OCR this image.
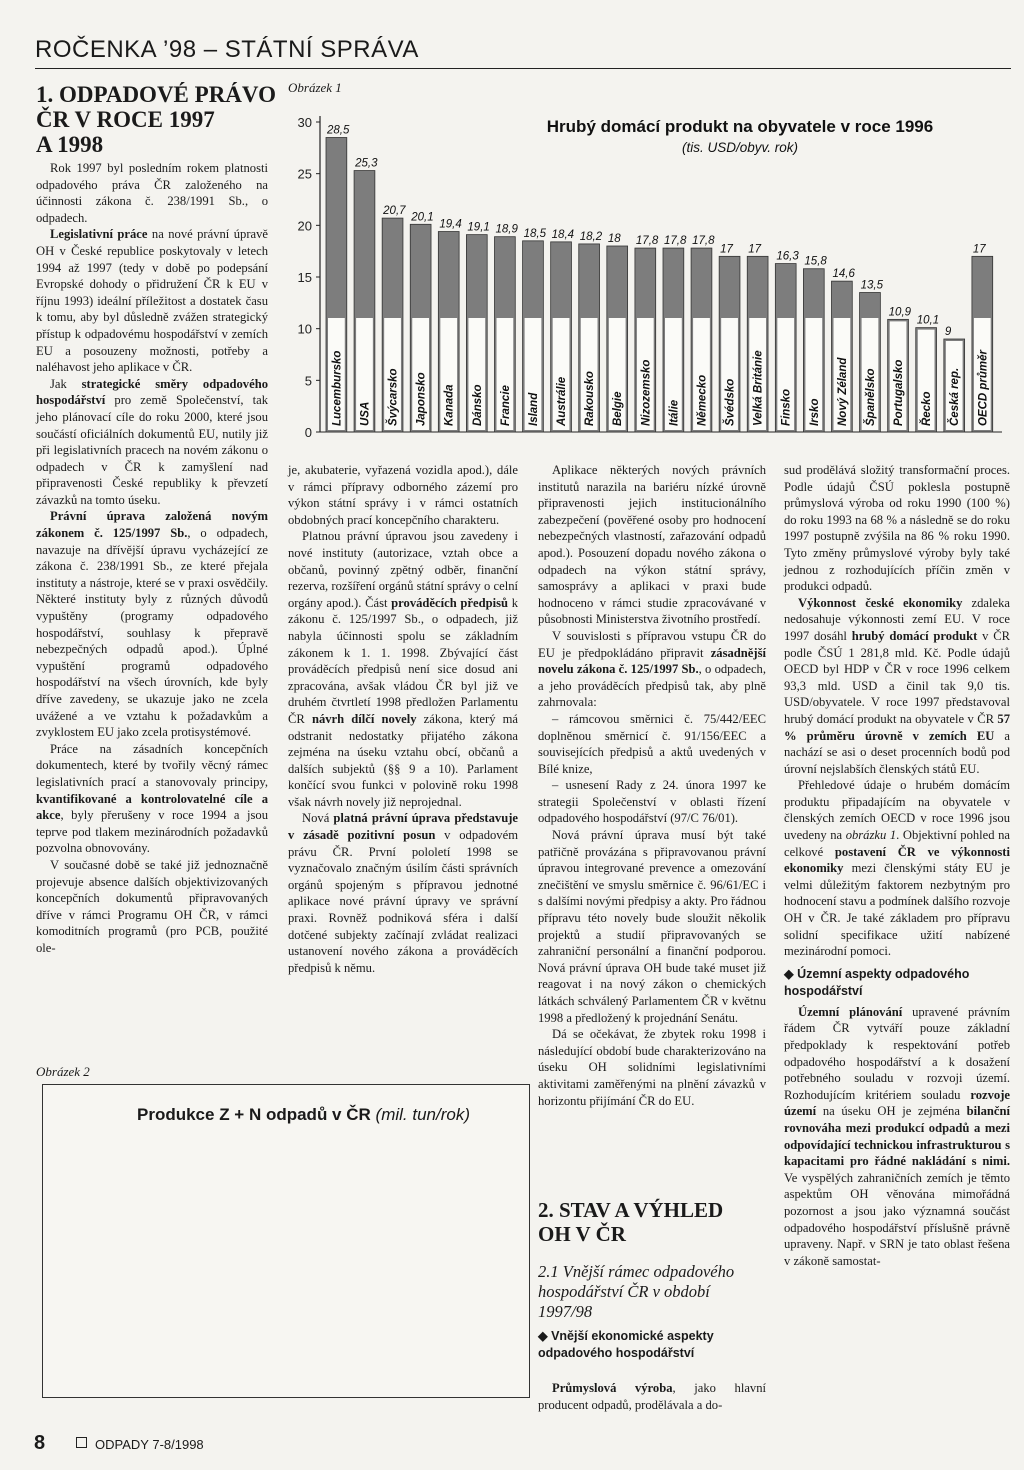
ROČENKA ’98 – STÁTNÍ SPRÁVA
1. ODPADOVÉ PRÁVO
ČR V ROCE 1997
A 1998

Rok 1997 byl posledním rokem platnosti odpadového práva ČR založeného na účinnosti zákona č. 238/1991 Sb., o odpadech.

Legislativní práce na nové právní úpravě OH v České republice poskytovaly v letech 1994 až 1997 (tedy v době po podepsání Evropské dohody o přidružení ČR k EU v říjnu 1993) ideální příležitost a dostatek času k tomu, aby byl důsledně zvážen strategický přístup k odpadovému hospodářství v zemích EU a posouzeny možnosti, potřeby a naléhavost jeho aplikace v ČR.

Jak strategické směry odpadového hospodářství pro země Společenství, tak jeho plánovací cíle do roku 2000, které jsou součástí oficiálních dokumentů EU, nutily již při legislativních pracech na novém zákonu o odpadech v ČR k zamyšlení nad připravenosti České republiky k převzetí závazků na tomto úseku.

Právní úprava založená novým zákonem č. 125/1997 Sb., o odpadech, navazuje na dřívější úpravu vycházející ze zákona č. 238/1991 Sb., ze které přejala instituty a nástroje, které se v praxi osvědčily. Některé instituty byly z různých důvodů vypuštěny (programy odpadového hospodářství, souhlasy k přepravě nebezpečných odpadů apod.). Úplné vypuštění programů odpadového hospodářství na všech úrovních, kde byly dříve zavedeny, se ukazuje jako ne zcela uvážené a ve vztahu k požadavkům a zvyklostem EU jako zcela protisystémové.

Práce na zásadních koncepčních dokumentech, které by tvořily věcný rámec legislativních prací a stanovovaly principy, kvantifikované a kontrolovatelné cíle a akce, byly přerušeny v roce 1994 a jsou teprve pod tlakem mezinárodních požadavků pozvolna obnovovány.

V současné době se také již jednoznačně projevuje absence dalších objektivizovaných koncepčních dokumentů připravovaných dříve v rámci Programu OH ČR, v rámci komoditních programů (pro PCB, použité ole-

Obrázek 1
0
5
10
15
20
25
30	Hrubý domácí produkt na obyvatele v roce 1996
(tis. USD/obyv. rok)
28,5
Lucembursko
25,3
USA
20,7
Švýcarsko
20,1
Japonsko
19,4
Kanada
19,1
Dánsko
18,9
Francie
18,5
Island
18,4
Austrálie
18,2
Rakousko
18
Belgie
17,8
Nizozemsko
17,8
Itálie
17,8
Německo
17
Švédsko
17
Velká Británie
16,3
Finsko
15,8
Irsko
14,6
Nový Zéland
13,5
Španělsko
10,9
Portugalsko
10,1
Řecko
9
Česká rep.
17
OECD průměr

je, akubaterie, vyřazená vozidla apod.), dále v rámci přípravy odborného zázemí pro výkon státní správy i v rámci ostatních obdobných prací koncepčního charakteru.

Platnou právní úpravou jsou zavedeny i nové instituty (autorizace, vztah obce a občanů, povinný zpětný odběr, finanční rezerva, rozšíření orgánů státní správy o celní orgány apod.). Část prováděcích předpisů k zákonu č. 125/1997 Sb., o odpadech, již nabyla účinnosti spolu se základním zákonem k 1. 1. 1998. Zbývající část prováděcích předpisů není sice dosud ani zpracována, avšak vládou ČR byl již ve druhém čtvrtletí 1998 předložen Parlamentu ČR návrh dílčí novely zákona, který má odstranit nedostatky přijatého zákona zejména na úseku vztahu obcí, občanů a dalších subjektů (§§ 9 a 10). Parlament končící svou funkci v polovině roku 1998 však návrh novely již neprojednal.

Nová platná právní úprava představuje v zásadě pozitivní posun v odpadovém právu ČR. První pololetí 1998 se vyznačovalo značným úsilím části správních orgánů spojeným s přípravou jednotné aplikace nové právní úpravy ve správní praxi. Rovněž podniková sféra i další dotčené subjekty začínají zvládat realizaci ustanovení nového zákona a prováděcích předpisů k němu.

Aplikace některých nových právních institutů narazila na bariéru nízké úrovně připravenosti jejich institucionálního zabezpečení (pověřené osoby pro hodnocení nebezpečných vlastností, zařazování odpadů apod.). Posouzení dopadu nového zákona o odpadech na výkon státní správy, samosprávy a aplikaci v praxi bude hodnoceno v rámci studie zpracovávané v působnosti Ministerstva životního prostředí.

V souvislosti s přípravou vstupu ČR do EU je předpokládáno připravit zásadnější novelu zákona č. 125/1997 Sb., o odpadech, a jeho prováděcích předpisů tak, aby plně zahrnovala:

– rámcovou směrnici č. 75/442/EEC doplněnou směrnicí č. 91/156/EEC a souvisejících předpisů a aktů uvedených v Bílé knize,

– usnesení Rady z 24. února 1997 ke strategii Společenství v oblasti řízení odpadového hospodářství (97/C 76/01).

Nová právní úprava musí být také patřičně provázána s připravovanou právní úpravou integrované prevence a omezování znečištění ve smyslu směrnice č. 96/61/EC i s dalšími novými předpisy a akty. Pro řádnou přípravu této novely bude sloužit několik projektů a studií připravovaných se zahraniční personální a finanční podporou. Nová právní úprava OH bude také muset již reagovat i na nový zákon o chemických látkách schválený Parlamentem ČR v květnu 1998 a předložený k projednání Senátu.

Dá se očekávat, že zbytek roku 1998 i následující období bude charakterizováno na úseku OH solidními legislativními aktivitami zaměřenými na plnění závazků v horizontu přijímání ČR do EU.

2. STAV A VÝHLED
OH V ČR
2.1 Vnější rámec odpadového
hospodářství ČR v období
1997/98
◆ Vnější ekonomické aspekty
odpadového hospodářství

Průmyslová výroba, jako hlavní producent odpadů, prodělávala a do-

sud prodělává složitý transformační proces. Podle údajů ČSÚ poklesla postupně průmyslová výroba od roku 1990 (100 %) do roku 1993 na 68 % a následně se do roku 1997 postupně zvýšila na 86 % roku 1990. Tyto změny průmyslové výroby byly také jednou z rozhodujících příčin změn v produkci odpadů.

Výkonnost české ekonomiky zdaleka nedosahuje výkonnosti zemí EU. V roce 1997 dosáhl hrubý domácí produkt v ČR podle ČSÚ 1 281,8 mld. Kč. Podle údajů OECD byl HDP v ČR v roce 1996 celkem 93,3 mld. USD a činil tak 9,0 tis. USD/obyvatele. V roce 1997 představoval hrubý domácí produkt na obyvatele v ČR 57 % průměru úrovně v zemích EU a nachází se asi o deset procenních bodů pod úrovní nejslabších členských států EU.

Přehledové údaje o hrubém domácím produktu připadajícím na obyvatele v členských zemích OECD v roce 1996 jsou uvedeny na obrázku 1. Objektivní pohled na celkové postavení ČR ve výkonnosti ekonomiky mezi členskými státy EU je velmi důležitým faktorem nezbytným pro hodnocení stavu a podmínek dalšího rozvoje OH v ČR. Je také základem pro přípravu solidní specifikace užití nabízené mezinárodní pomoci.

◆ Územní aspekty odpadového
hospodářství

Územní plánování upravené právním řádem ČR vytváří pouze základní předpoklady k respektování potřeb odpadového hospodářství a k dosažení potřebného souladu v rozvoji území. Rozhodujícím kritériem souladu rozvoje území na úseku OH je zejména bilanční rovnováha mezi produkcí odpadů a mezi odpovídající technickou infrastrukturou s kapacitami pro řádné nakládání s nimi. Ve vyspělých zahraničních zemích je těmto aspektům OH věnována mimořádná pozornost a jsou jako významná součást odpadového hospodářství příslušně právně upraveny. Např. v SRN je tato oblast řešena v zákoně samostat-

Obrázek 2
Produkce Z + N odpadů v ČR (mil. tun/rok)
8	ODPADY 7-8/1998
